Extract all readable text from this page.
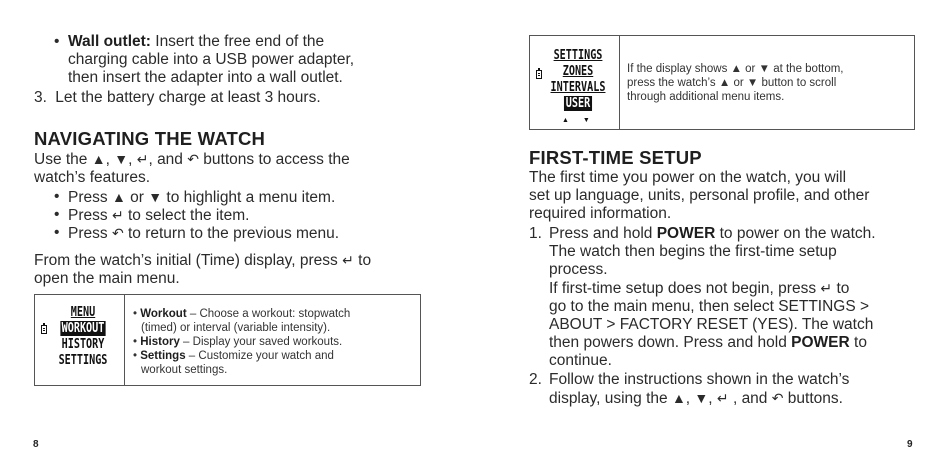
• Wall outlet: Insert the free end of the
charging cable into a USB power adapter,
then insert the adapter into a wall outlet.
3. Let the battery charge at least 3 hours.
NAVIGATING THE WATCH
Use the ▲, ▼, ↵, and ↶ buttons to access the
watch’s features.
• Press ▲ or ▼ to highlight a menu item.
• Press ↵ to select the item.
• Press ↶ to return to the previous menu.
From the watch’s initial (Time) display, press ↵ to
open the main menu.
MENU
WORKOUT
HISTORY
SETTINGS
• Workout – Choose a workout: stopwatch
(timed) or interval (variable intensity).
• History – Display your saved workouts.
• Settings – Customize your watch and
workout settings.
8
SETTINGS
ZONES
INTERVALS
USER
▲ ▼
If the display shows ▲ or ▼ at the bottom,
press the watch’s ▲ or ▼ button to scroll
through additional menu items.
FIRST-TIME SETUP
The first time you power on the watch, you will
set up language, units, personal profile, and other
required information.
1. Press and hold POWER to power on the watch.
The watch then begins the first-time setup
process.
If first-time setup does not begin, press ↵ to
go to the main menu, then select SETTINGS >
ABOUT > FACTORY RESET (YES). The watch
then powers down. Press and hold POWER to
continue.
2. Follow the instructions shown in the watch’s
display, using the ▲, ▼, ↵ , and ↶ buttons.
9
